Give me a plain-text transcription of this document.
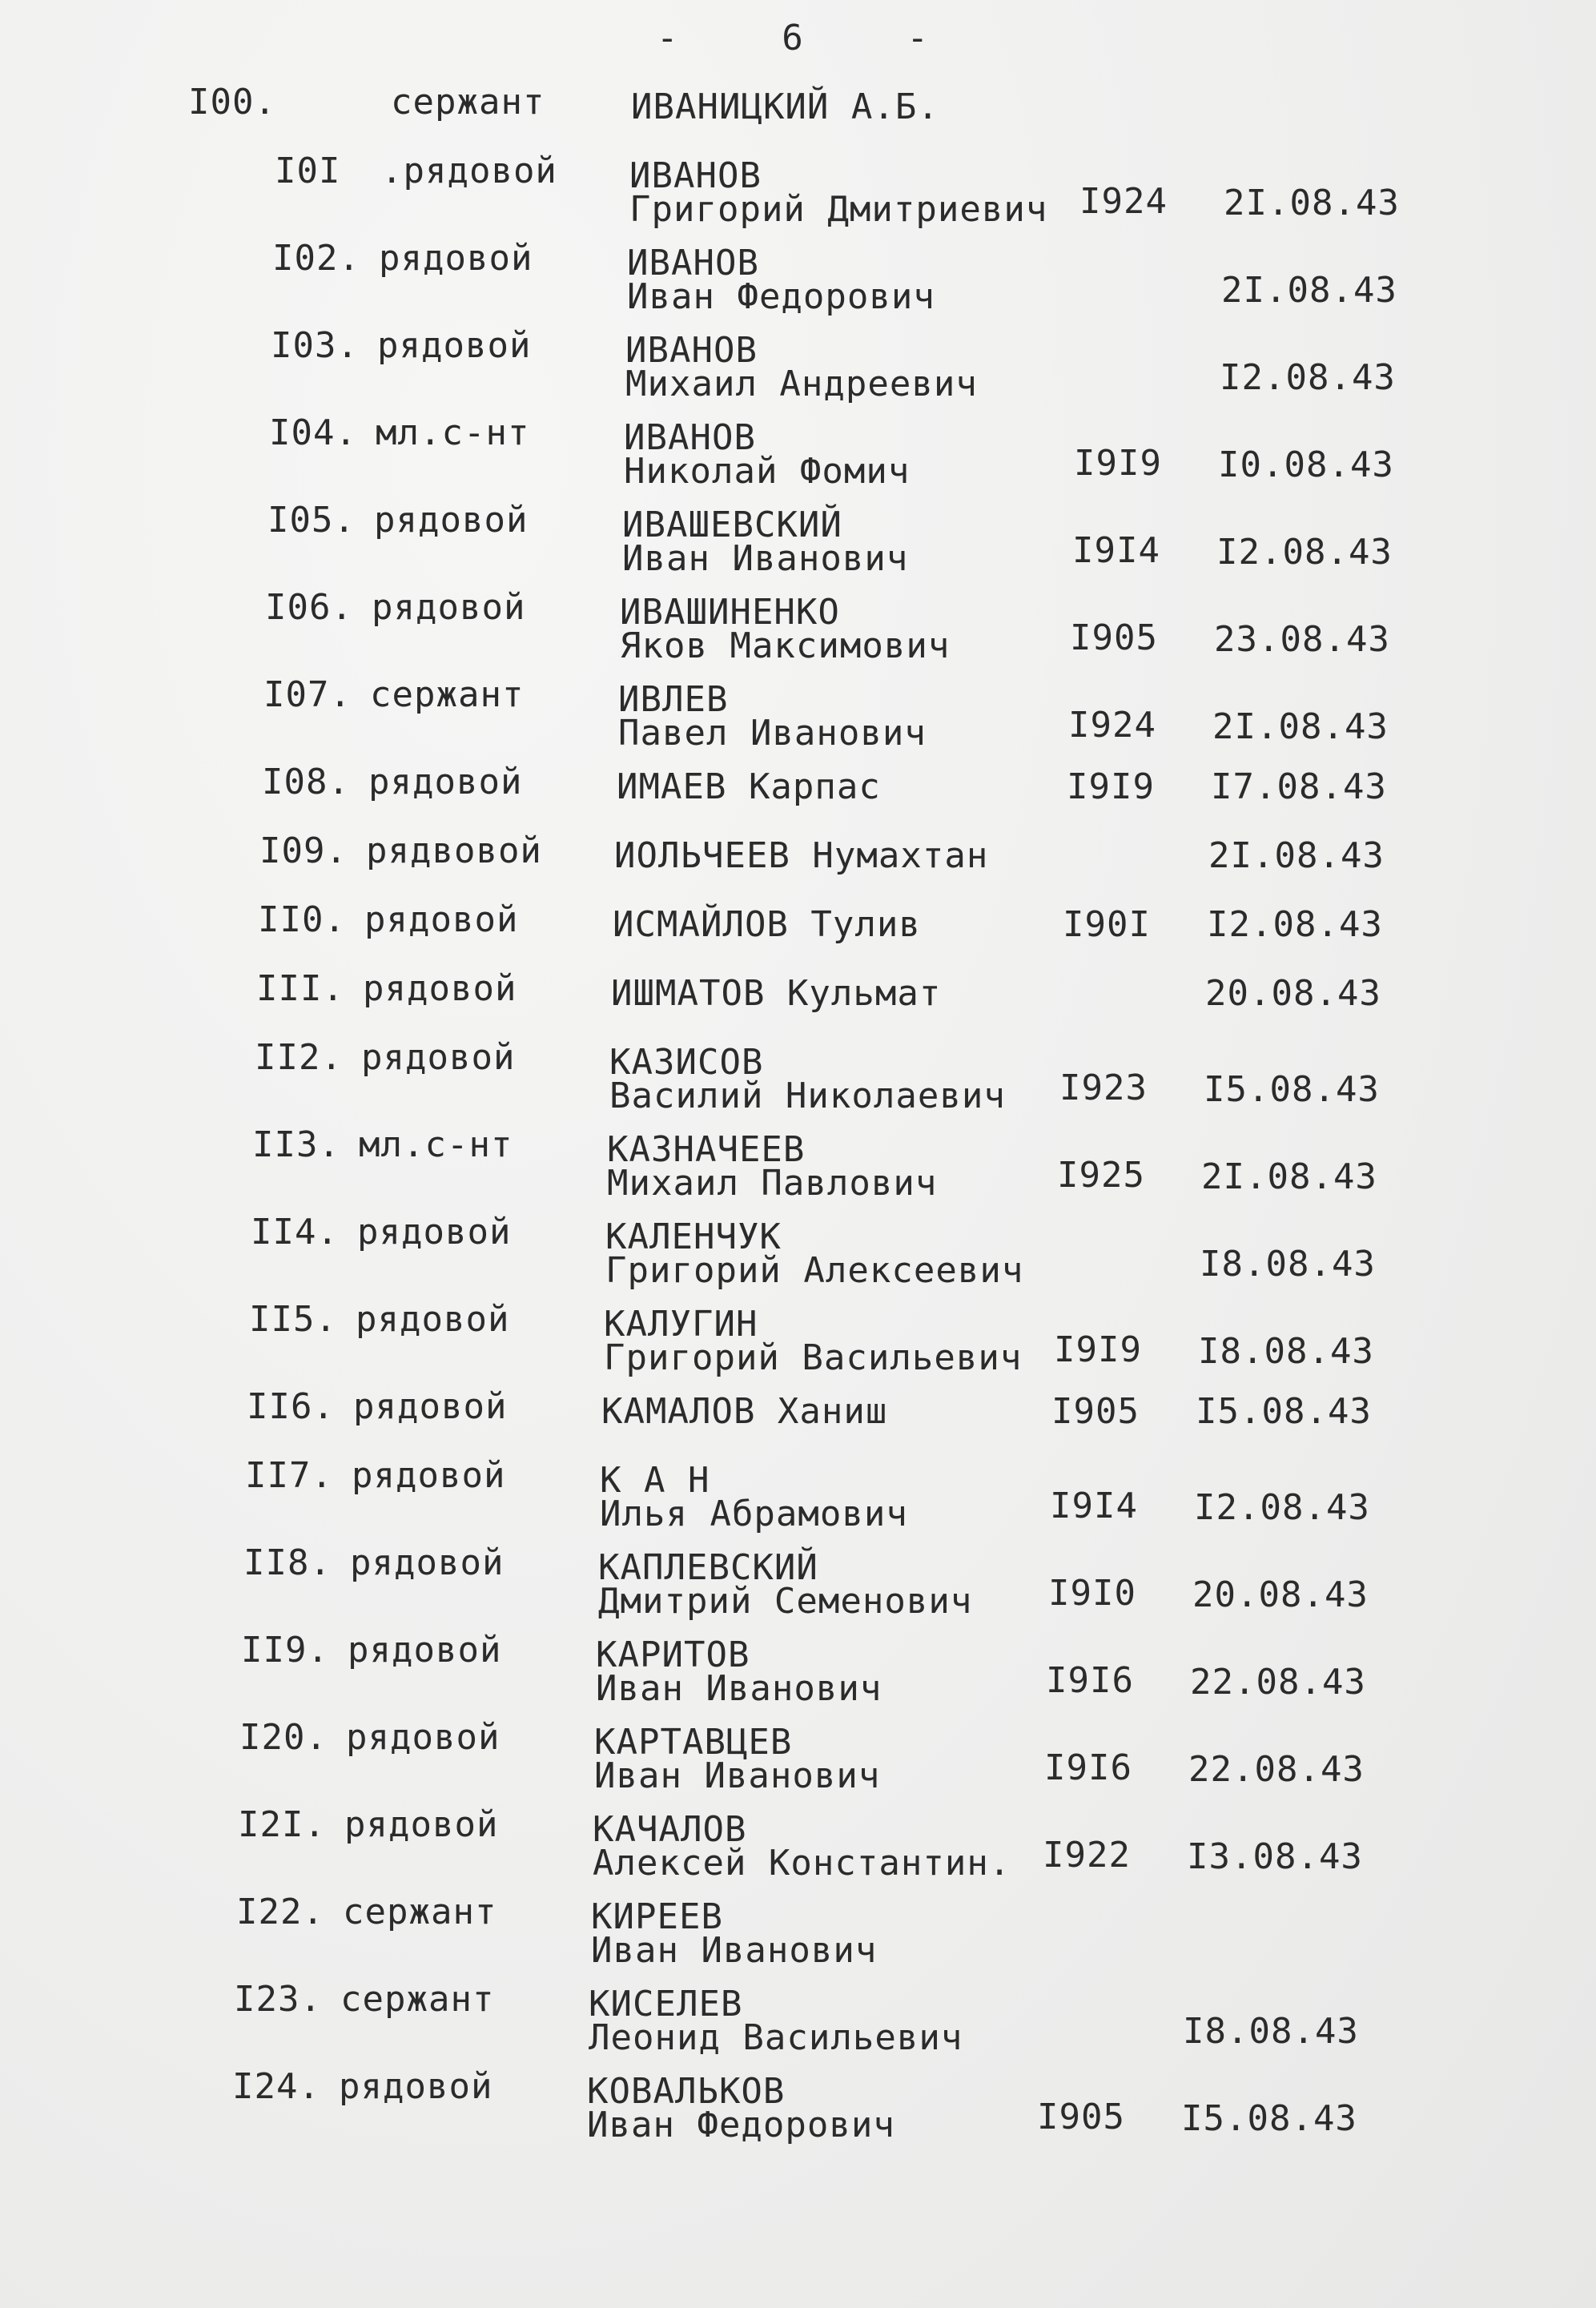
-	6	-
I00.	сержант ИВАНИЦКИЙ А.Б.
I0I .рядовой ИВАНОВ
Григорий Дмитриевич I924 2I.08.43
I02. рядовой	ИВАНОВ
Иван Федорович	2I.08.43
I03. рядовой	ИВАНОВ
Михаил Андреевич	I2.08.43
I04. мл.с-нт	ИВАНОВ
Николай Фомич	I9I9 I0.08.43
I05. рядовой	ИВАШЕВСКИЙ
Иван Иванович	I9I4 I2.08.43
I06. рядовой	ИВАШИНЕНКО
Яков Максимович	I905 23.08.43
I07. сержант	ИВЛЕВ
Павел Иванович	I924 2I.08.43
I08. рядовой	ИМАЕВ Карпас	I9I9 I7.08.43
I09. рядвовой ИОЛЬЧЕЕВ Нумахтан	2I.08.43
II0. рядовой	ИСМАЙЛОВ Тулив	I90I I2.08.43
III. рядовой	ИШМАТОВ Кульмат	20.08.43
II2. рядовой	КАЗИСОВ
Василий Николаевич I923 I5.08.43
II3. мл.с-нт	КАЗНАЧЕЕВ
Михаил Павлович	I925 2I.08.43
II4. рядовой	КАЛЕНЧУК
Григорий Алексеевич	I8.08.43
II5. рядовой	КАЛУГИН
Григорий Васильевич I9I9 I8.08.43
II6. рядовой	КАМАЛОВ Ханиш	I905 I5.08.43
II7. рядовой	К А Н
Илья Абрамович	I9I4 I2.08.43
II8. рядовой	КАПЛЕВСКИЙ
Дмитрий Семенович I9I0 20.08.43
II9. рядовой	КАРИТОВ
Иван Иванович	I9I6 22.08.43
I20. рядовой	КАРТАВЦЕВ
Иван Иванович	I9I6 22.08.43
I2I. рядовой	КАЧАЛОВ
Алексей Константин. I922 I3.08.43
I22. сержант	КИРЕЕВ
Иван Иванович
I23. сержант	КИСЕЛЕВ
Леонид Васильевич	I8.08.43
I24. рядовой	КОВАЛЬКОВ
Иван Федорович	I905 I5.08.43
